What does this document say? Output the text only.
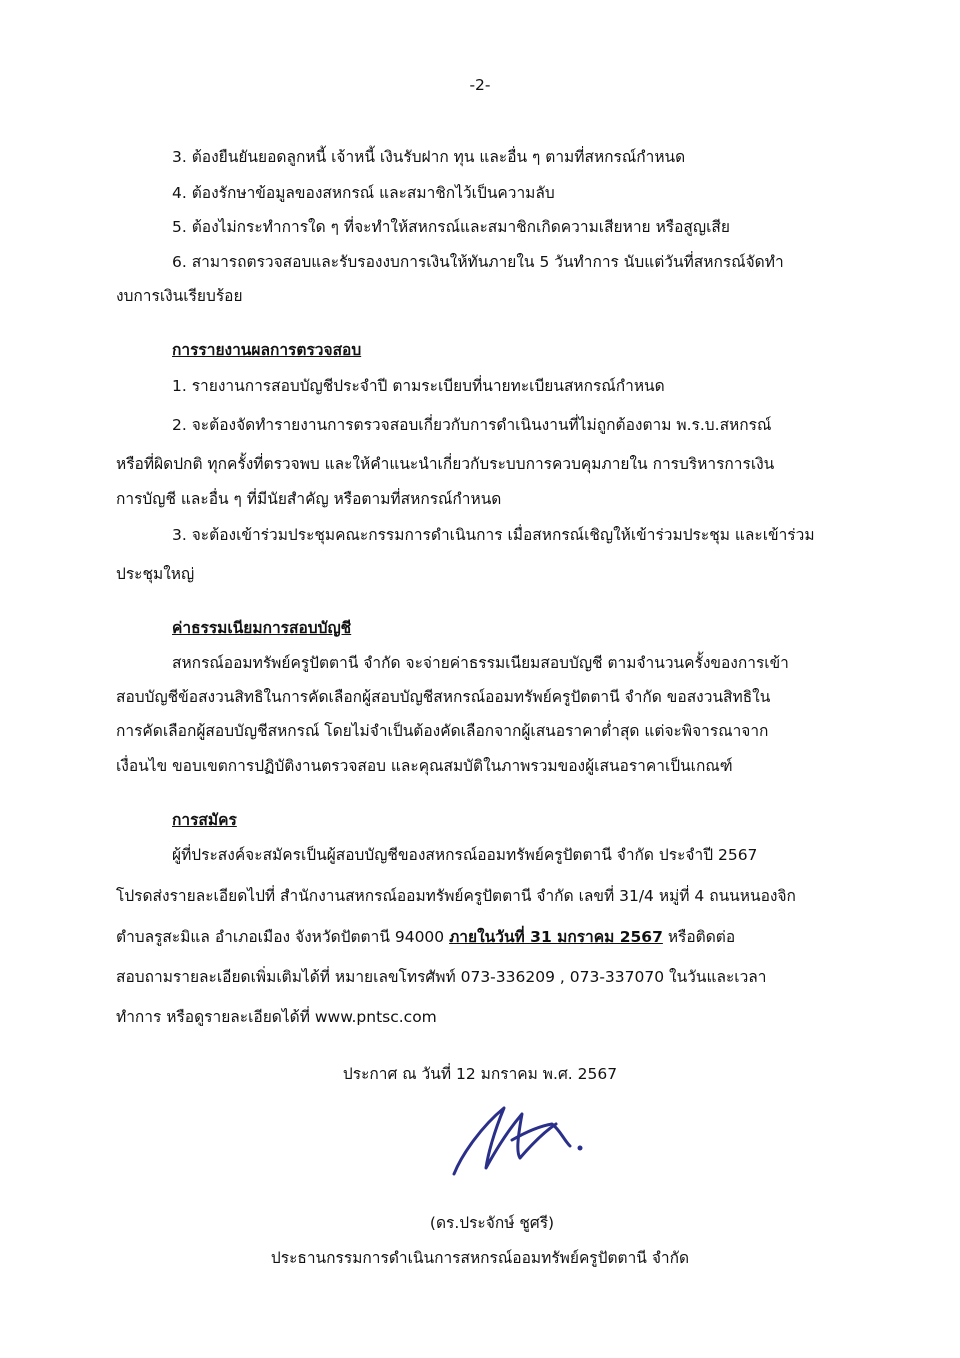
-2-
3. ต้องยืนยันยอดลูกหนี้ เจ้าหนี้ เงินรับฝาก ทุน และอื่น ๆ ตามที่สหกรณ์กำหนด
4. ต้องรักษาข้อมูลของสหกรณ์ และสมาชิกไว้เป็นความลับ
5. ต้องไม่กระทำการใด ๆ ที่จะทำให้สหกรณ์และสมาชิกเกิดความเสียหาย หรือสูญเสีย
6. สามารถตรวจสอบและรับรองงบการเงินให้ทันภายใน 5 วันทำการ นับแต่วันที่สหกรณ์จัดทำ
งบการเงินเรียบร้อย
การรายงานผลการตรวจสอบ
1. รายงานการสอบบัญชีประจำปี ตามระเบียบที่นายทะเบียนสหกรณ์กำหนด
2. จะต้องจัดทำรายงานการตรวจสอบเกี่ยวกับการดำเนินงานที่ไม่ถูกต้องตาม พ.ร.บ.สหกรณ์
หรือที่ผิดปกติ ทุกครั้งที่ตรวจพบ และให้คำแนะนำเกี่ยวกับระบบการควบคุมภายใน การบริหารการเงิน
การบัญชี และอื่น ๆ ที่มีนัยสำคัญ หรือตามที่สหกรณ์กำหนด
3. จะต้องเข้าร่วมประชุมคณะกรรมการดำเนินการ เมื่อสหกรณ์เชิญให้เข้าร่วมประชุม และเข้าร่วม
ประชุมใหญ่
ค่าธรรมเนียมการสอบบัญชี
สหกรณ์ออมทรัพย์ครูปัตตานี จำกัด จะจ่ายค่าธรรมเนียมสอบบัญชี ตามจำนวนครั้งของการเข้า
สอบบัญชีข้อสงวนสิทธิในการคัดเลือกผู้สอบบัญชีสหกรณ์ออมทรัพย์ครูปัตตานี จำกัด ขอสงวนสิทธิใน
การคัดเลือกผู้สอบบัญชีสหกรณ์ โดยไม่จำเป็นต้องคัดเลือกจากผู้เสนอราคาต่ำสุด แต่จะพิจารณาจาก
เงื่อนไข ขอบเขตการปฏิบัติงานตรวจสอบ และคุณสมบัติในภาพรวมของผู้เสนอราคาเป็นเกณฑ์
การสมัคร
ผู้ที่ประสงค์จะสมัครเป็นผู้สอบบัญชีของสหกรณ์ออมทรัพย์ครูปัตตานี จำกัด ประจำปี 2567
โปรดส่งรายละเอียดไปที่ สำนักงานสหกรณ์ออมทรัพย์ครูปัตตานี จำกัด เลขที่ 31/4 หมู่ที่ 4 ถนนหนองจิก
ตำบลรูสะมิแล อำเภอเมือง จังหวัดปัตตานี 94000 ภายในวันที่ 31 มกราคม 2567 หรือติดต่อ
สอบถามรายละเอียดเพิ่มเติมได้ที่ หมายเลขโทรศัพท์ 073-336209 , 073-337070 ในวันและเวลา
ทำการ หรือดูรายละเอียดได้ที่ www.pntsc.com
ประกาศ ณ วันที่ 12 มกราคม พ.ศ. 2567
(ดร.ประจักษ์ ชูศรี)
ประธานกรรมการดำเนินการสหกรณ์ออมทรัพย์ครูปัตตานี จำกัด
